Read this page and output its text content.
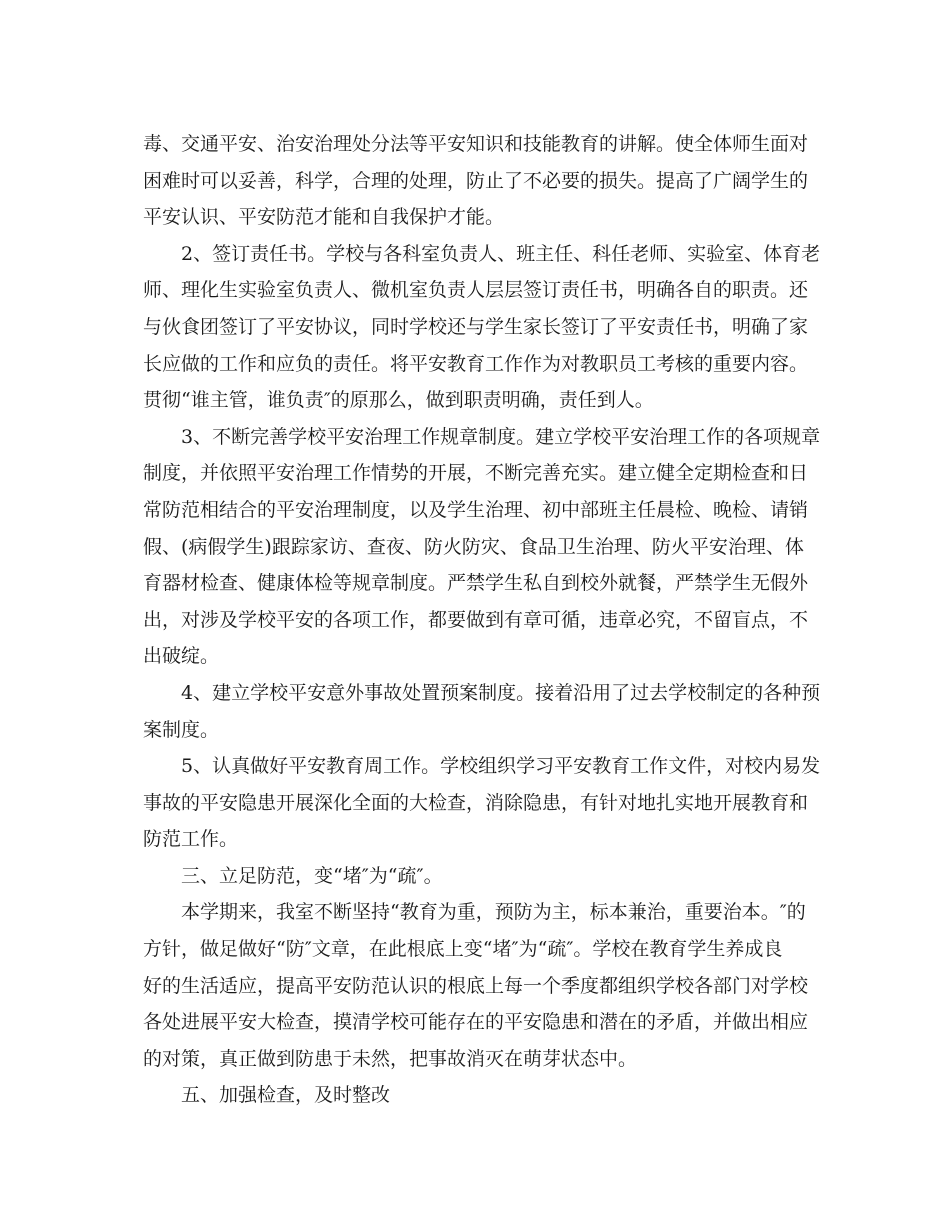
毒、交通平安、治安治理处分法等平安知识和技能教育的讲解。使全体师生面对
困难时可以妥善，科学，合理的处理，防止了不必要的损失。提高了广阔学生的
平安认识、平安防范才能和自我保护才能。
2、签订责任书。学校与各科室负责人、班主任、科任老师、实验室、体育老
师、理化生实验室负责人、微机室负责人层层签订责任书，明确各自的职责。还
与伙食团签订了平安协议，同时学校还与学生家长签订了平安责任书，明确了家
长应做的工作和应负的责任。将平安教育工作作为对教职员工考核的重要内容。
贯彻“谁主管，谁负责″的原那么，做到职责明确，责任到人。
3、不断完善学校平安治理工作规章制度。建立学校平安治理工作的各项规章
制度，并依照平安治理工作情势的开展，不断完善充实。建立健全定期检查和日
常防范相结合的平安治理制度，以及学生治理、初中部班主任晨检、晚检、请销
假、(病假学生)跟踪家访、查夜、防火防灾、食品卫生治理、防火平安治理、体
育器材检查、健康体检等规章制度。严禁学生私自到校外就餐，严禁学生无假外
出，对涉及学校平安的各项工作，都要做到有章可循，违章必究，不留盲点，不
出破绽。
4、建立学校平安意外事故处置预案制度。接着沿用了过去学校制定的各种预
案制度。
5、认真做好平安教育周工作。学校组织学习平安教育工作文件，对校内易发
事故的平安隐患开展深化全面的大检查，消除隐患，有针对地扎实地开展教育和
防范工作。
三、立足防范，变“堵″为“疏″。
本学期来，我室不断坚持“教育为重，预防为主，标本兼治，重要治本。″的
方针，做足做好“防″文章，在此根底上变“堵″为“疏″。学校在教育学生养成良
好的生活适应，提高平安防范认识的根底上每一个季度都组织学校各部门对学校
各处进展平安大检查，摸清学校可能存在的平安隐患和潜在的矛盾，并做出相应
的对策，真正做到防患于未然，把事故消灭在萌芽状态中。
五、加强检查，及时整改
